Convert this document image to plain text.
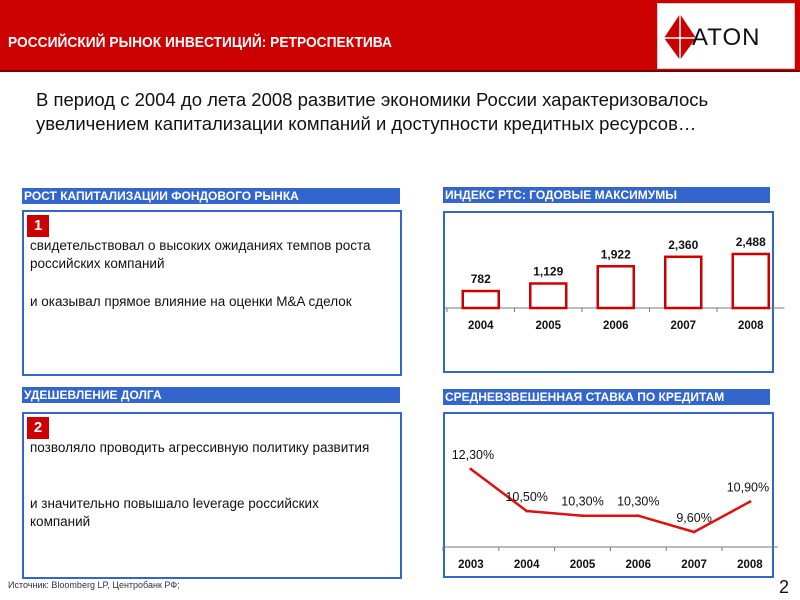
РОССИЙСКИЙ РЫНОК ИНВЕСТИЦИЙ: РЕТРОСПЕКТИВА	ATON
В период с 2004 до лета 2008 развитие экономики России характеризовалось
увеличением капитализации компаний и доступности кредитных ресурсов…
РОСТ КАПИТАЛИЗАЦИИ ФОНДОВОГО РЫНКА
1
свидетельствовал о высоких ожиданиях темпов роста российских компаний
и оказывал прямое влияние на оценки M&A сделок
УДЕШЕВЛЕНИЕ ДОЛГА
2
позволяло проводить агрессивную политику развития
и значительно повышало leverage российских компаний
ИНДЕКС РТС: ГОДОВЫЕ МАКСИМУМЫ
782
2004
1,129
2005
1,922
2006
2,360
2007
2,488
2008
СРЕДНЕВЗВЕШЕННАЯ СТАВКА ПО КРЕДИТАМ
12,30%
2003
10,50%
2004
10,30%
2005
10,30%
2006
9,60%
2007
10,90%
2008
Источник: Bloomberg LP, Центробанк РФ;	2
